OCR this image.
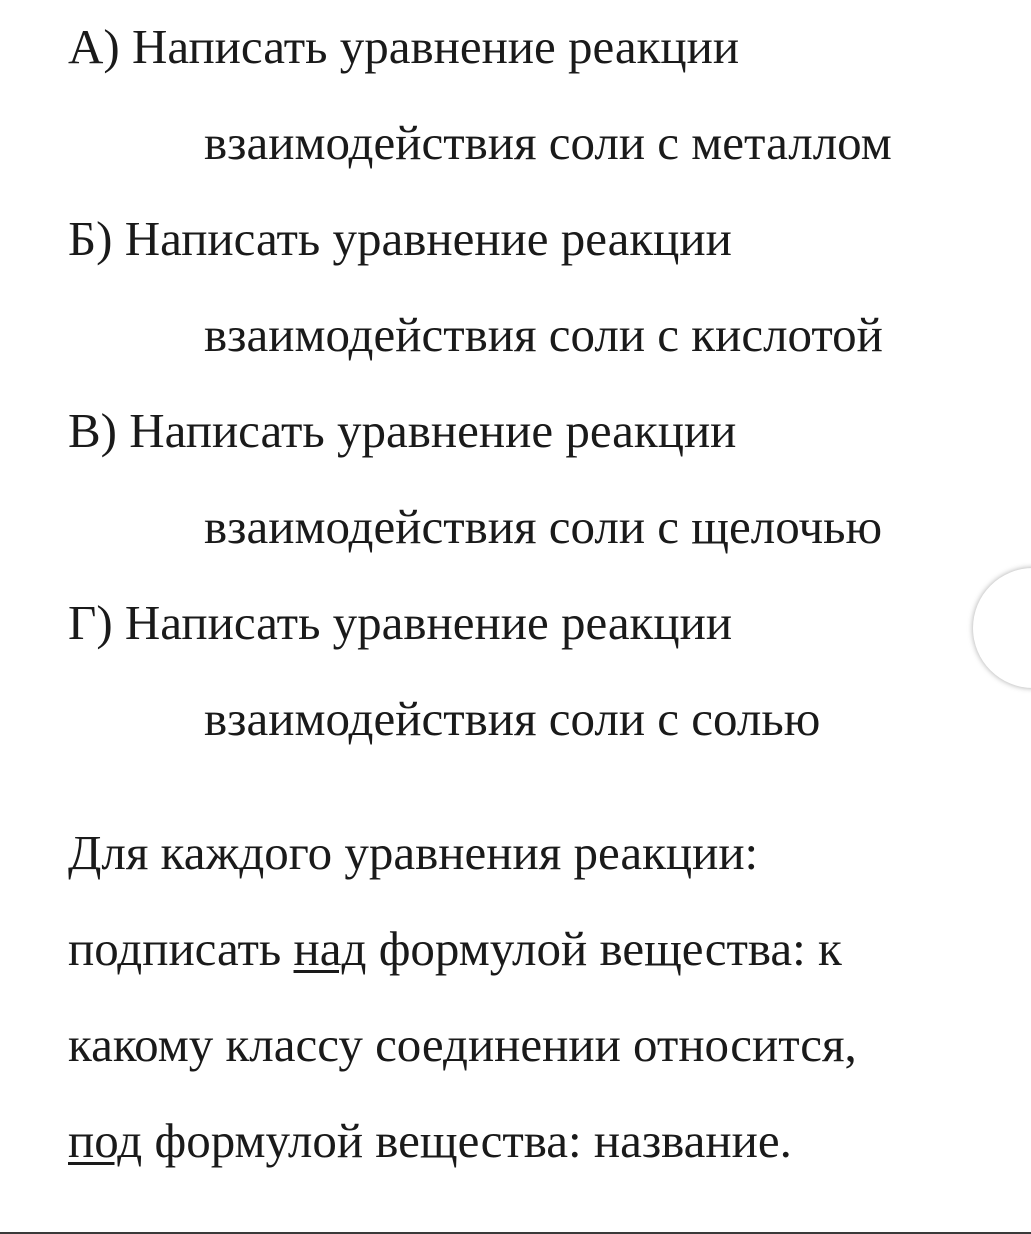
А) Написать уравнение реакции
взаимодействия соли с металлом
Б) Написать уравнение реакции
взаимодействия соли с кислотой
В) Написать уравнение реакции
взаимодействия соли с щелочью
Г) Написать уравнение реакции
взаимодействия соли с солью
Для каждого уравнения реакции:
подписать над формулой вещества: к
какому классу соединении относится,
под формулой вещества: название.
